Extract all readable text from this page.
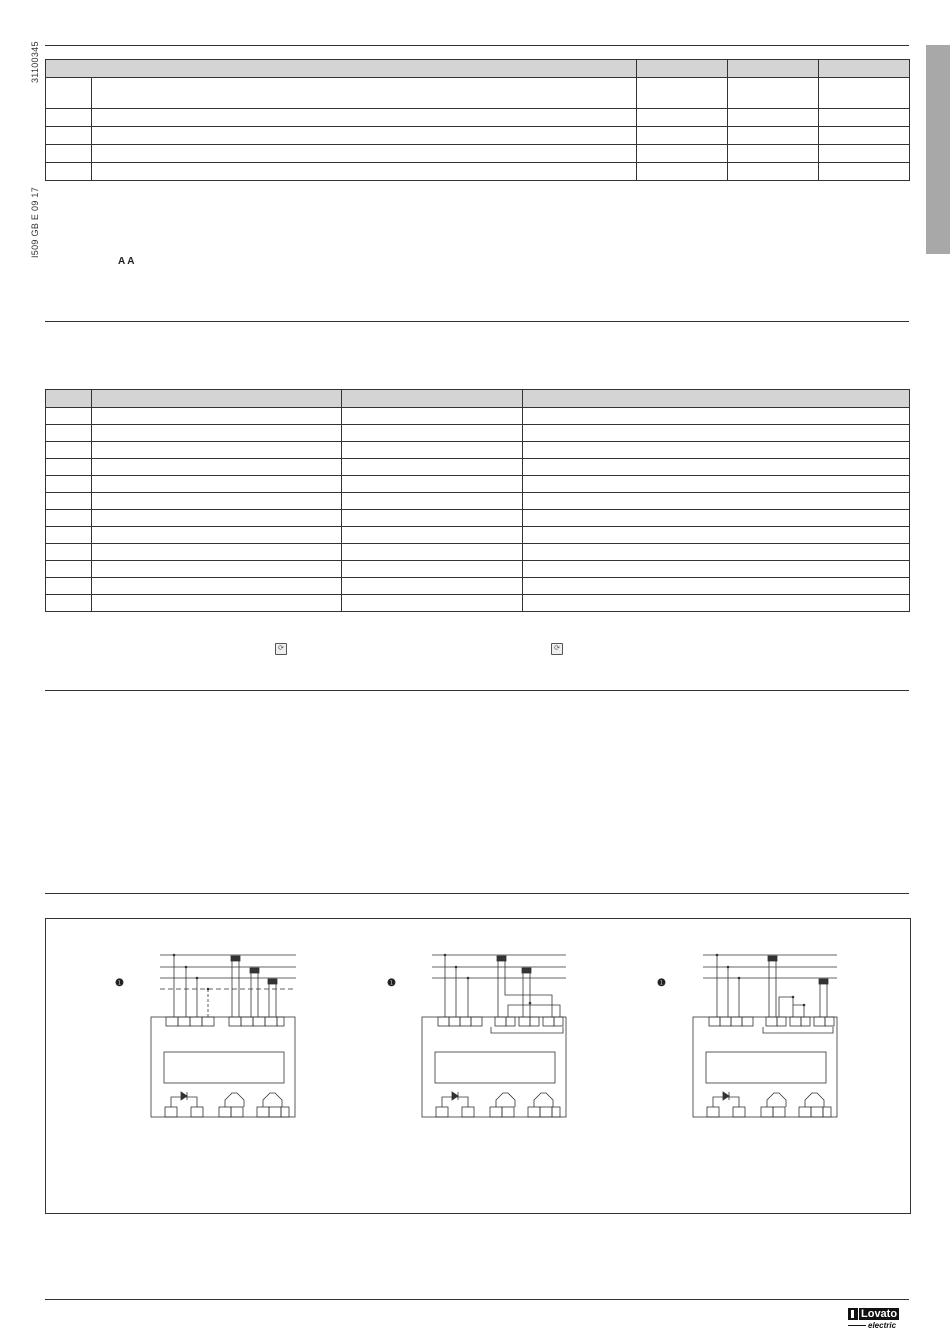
31100345
I509 GB E 09 17

A A

⟳	⟳
❶	❶	❶
Lovato
electric
